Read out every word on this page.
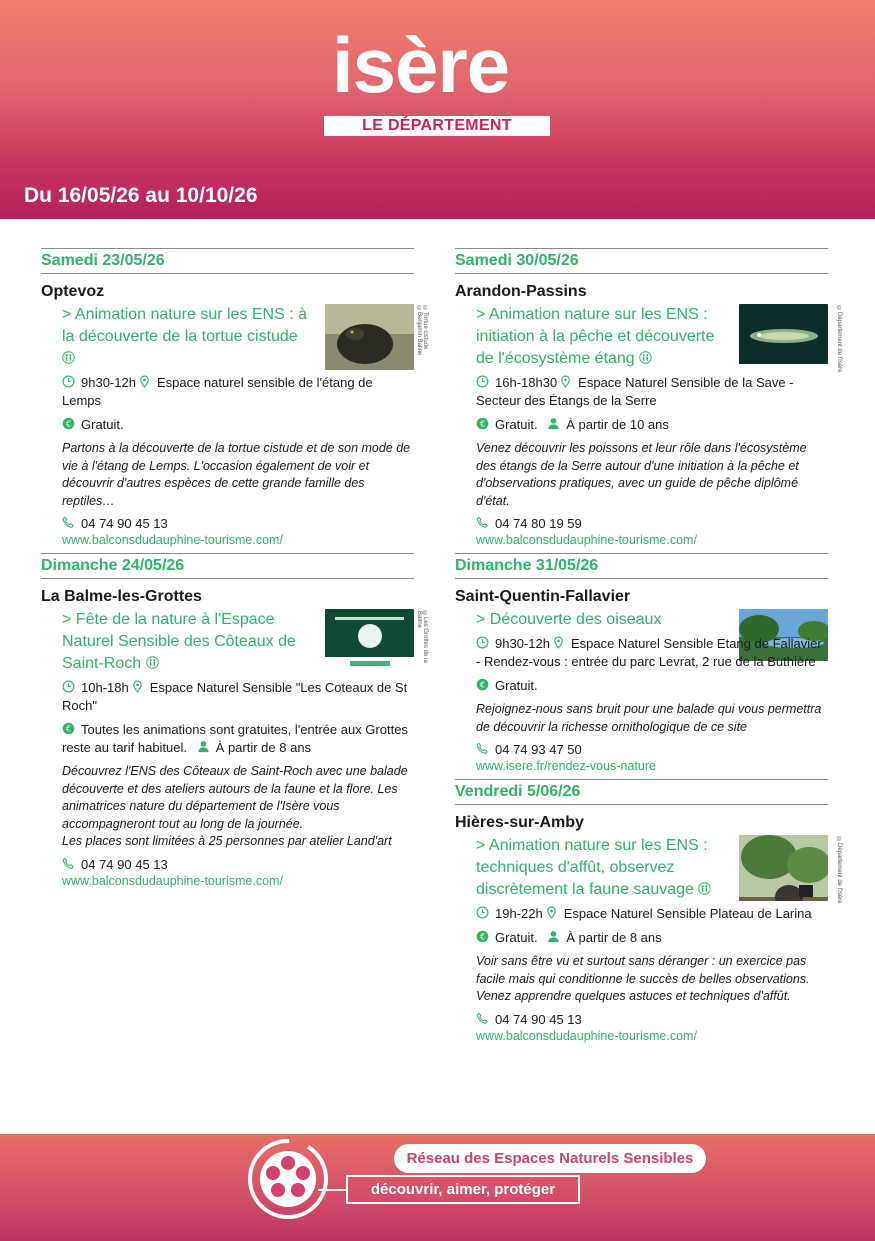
isère
LE DÉPARTEMENT
Du 16/05/26 au 10/10/26
Samedi 23/05/26
Optevoz
©Tortue cistude ©Benjamin Baline
> Animation nature sur les ENS : à la découverte de la tortue cistude
9h30-12h Espace naturel sensible de l'étang de Lemps
€ Gratuit.
Partons à la découverte de la tortue cistude et de son mode de vie à l'étang de Lemps. L'occasion également de voir et découvrir d'autres espèces de cette grande famille des reptiles…
04 74 90 45 13
www.balconsdudauphine-tourisme.com/
Dimanche 24/05/26
La Balme-les-Grottes
©Les Grottes de la Balme
> Fête de la nature à l'Espace Naturel Sensible des Côteaux de Saint-Roch
10h-18h Espace Naturel Sensible "Les Coteaux de St Roch"
€ Toutes les animations sont gratuites, l'entrée aux Grottes reste au tarif habituel. À partir de 8 ans
Découvrez l'ENS des Côteaux de Saint-Roch avec une balade découverte et des ateliers autours de la faune et la flore. Les animatrices nature du département de l'Isère vous accompagneront tout au long de la journée.
Les places sont limitées à 25 personnes par atelier Land'art
04 74 90 45 13
www.balconsdudauphine-tourisme.com/
Samedi 30/05/26
Arandon-Passins
©Département de l'Isère
> Animation nature sur les ENS : initiation à la pêche et découverte de l'écosystème étang
16h-18h30 Espace Naturel Sensible de la Save - Secteur des Étangs de la Serre
€ Gratuit. À partir de 10 ans
Venez découvrir les poissons et leur rôle dans l'écosystème des étangs de la Serre autour d'une initiation à la pêche et d'observations pratiques, avec un guide de pêche diplômé d'état.
04 74 80 19 59
www.balconsdudauphine-tourisme.com/
Dimanche 31/05/26
Saint-Quentin-Fallavier
> Découverte des oiseaux
9h30-12h Espace Naturel Sensible Etang de Fallavier - Rendez-vous : entrée du parc Levrat, 2 rue de la Buthière
€ Gratuit.
Rejoignez-nous sans bruit pour une balade qui vous permettra de découvrir la richesse ornithologique de ce site
04 74 93 47 50
www.isere.fr/rendez-vous-nature
Vendredi 5/06/26
Hières-sur-Amby
©Département de l'Isère
> Animation nature sur les ENS : techniques d'affût, observez discrètement la faune sauvage
19h-22h Espace Naturel Sensible Plateau de Larina
€ Gratuit. À partir de 8 ans
Voir sans être vu et surtout sans déranger : un exercice pas facile mais qui conditionne le succès de belles observations.
Venez apprendre quelques astuces et techniques d'affût.
04 74 90 45 13
www.balconsdudauphine-tourisme.com/
Réseau des Espaces Naturels Sensibles
découvrir, aimer, protéger
